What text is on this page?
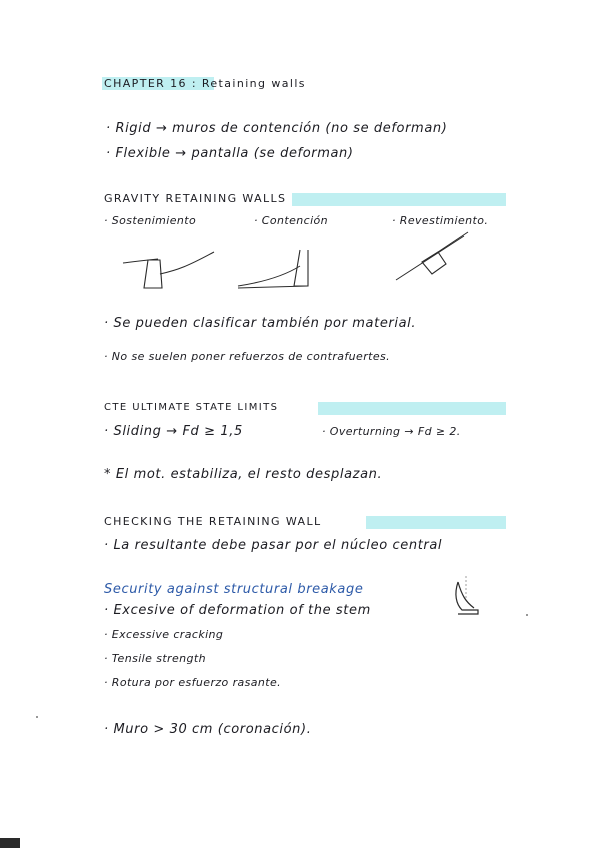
CHAPTER 16 : Retaining walls
· Rigid → muros de contención (no se deforman)
· Flexible → pantalla (se deforman)
GRAVITY RETAINING WALLS
· Sostenimiento	· Contención	· Revestimiento.
· Se pueden clasificar también por material.
· No se suelen poner refuerzos de contrafuertes.
CTE ULTIMATE STATE LIMITS
· Sliding → Fd ≥ 1,5	· Overturning → Fd ≥ 2.
* El mot. estabiliza, el resto desplazan.
CHECKING THE RETAINING WALL
· La resultante debe pasar por el núcleo central
Security against structural breakage
· Excesive of deformation of the stem
· Excessive cracking
· Tensile strength
· Rotura por esfuerzo rasante.
· Muro > 30 cm (coronación).
